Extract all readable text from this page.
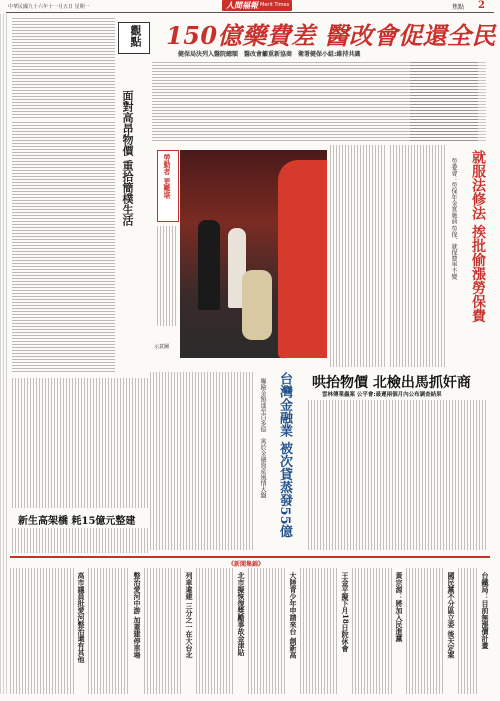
中華民國九十六年十一月五日 星期一	人間福報 Merit Times	焦點 2
觀點
面對高昂物價 重拾簡樸生活
150億藥費差 醫改會促還全民
健保局決列入醫院總額　醫改會籲重新協商　衛署健保小組:維持共識
就服法修法 挨批偷漲勞保費
勞委會：勞保年金實施前 勞保、就保費率不變
勞動者 更難堪
示意圖
哄抬物價 北檢出馬抓奸商
雲林傳業蟲案 公平會:最遲兩個月內公布調查結果
台灣金融業 被次貸蒸發55億
曝險金額達至百多億　寓於金融資產風情大盤
新生高架橋 耗15億元整建
《新聞集錦》
台鐵局：目前無漲價計畫
國民黨不分區立委 後天定案
黃宗源：將加入民進黨
王金平擬下月18日院休會
大陸青少年申請來台 創新高
北市擬恢復獎勵事故金津貼
列車違建 三分之一在大台北
整治愛河中游 加蓋建停車場
高市議員批愛河整治還有其他
